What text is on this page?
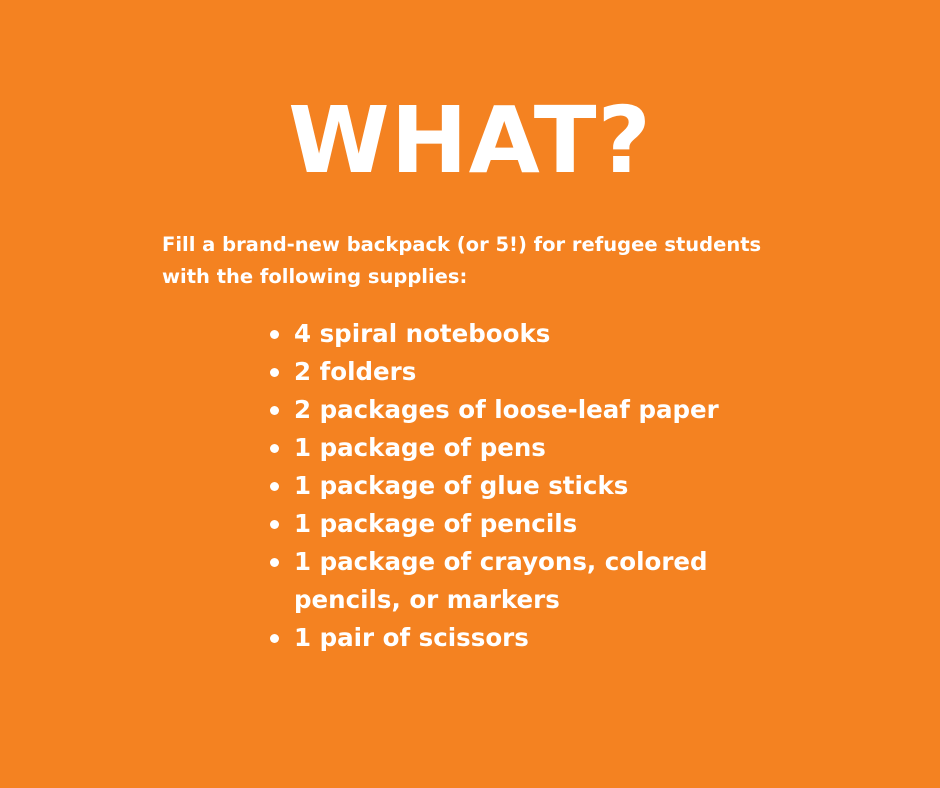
WHAT?

Fill a brand-new backpack (or 5!) for refugee students with the following supplies:

4 spiral notebooks
2 folders
2 packages of loose-leaf paper
1 package of pens
1 package of glue sticks
1 package of pencils
1 package of crayons, colored pencils, or markers
1 pair of scissors
